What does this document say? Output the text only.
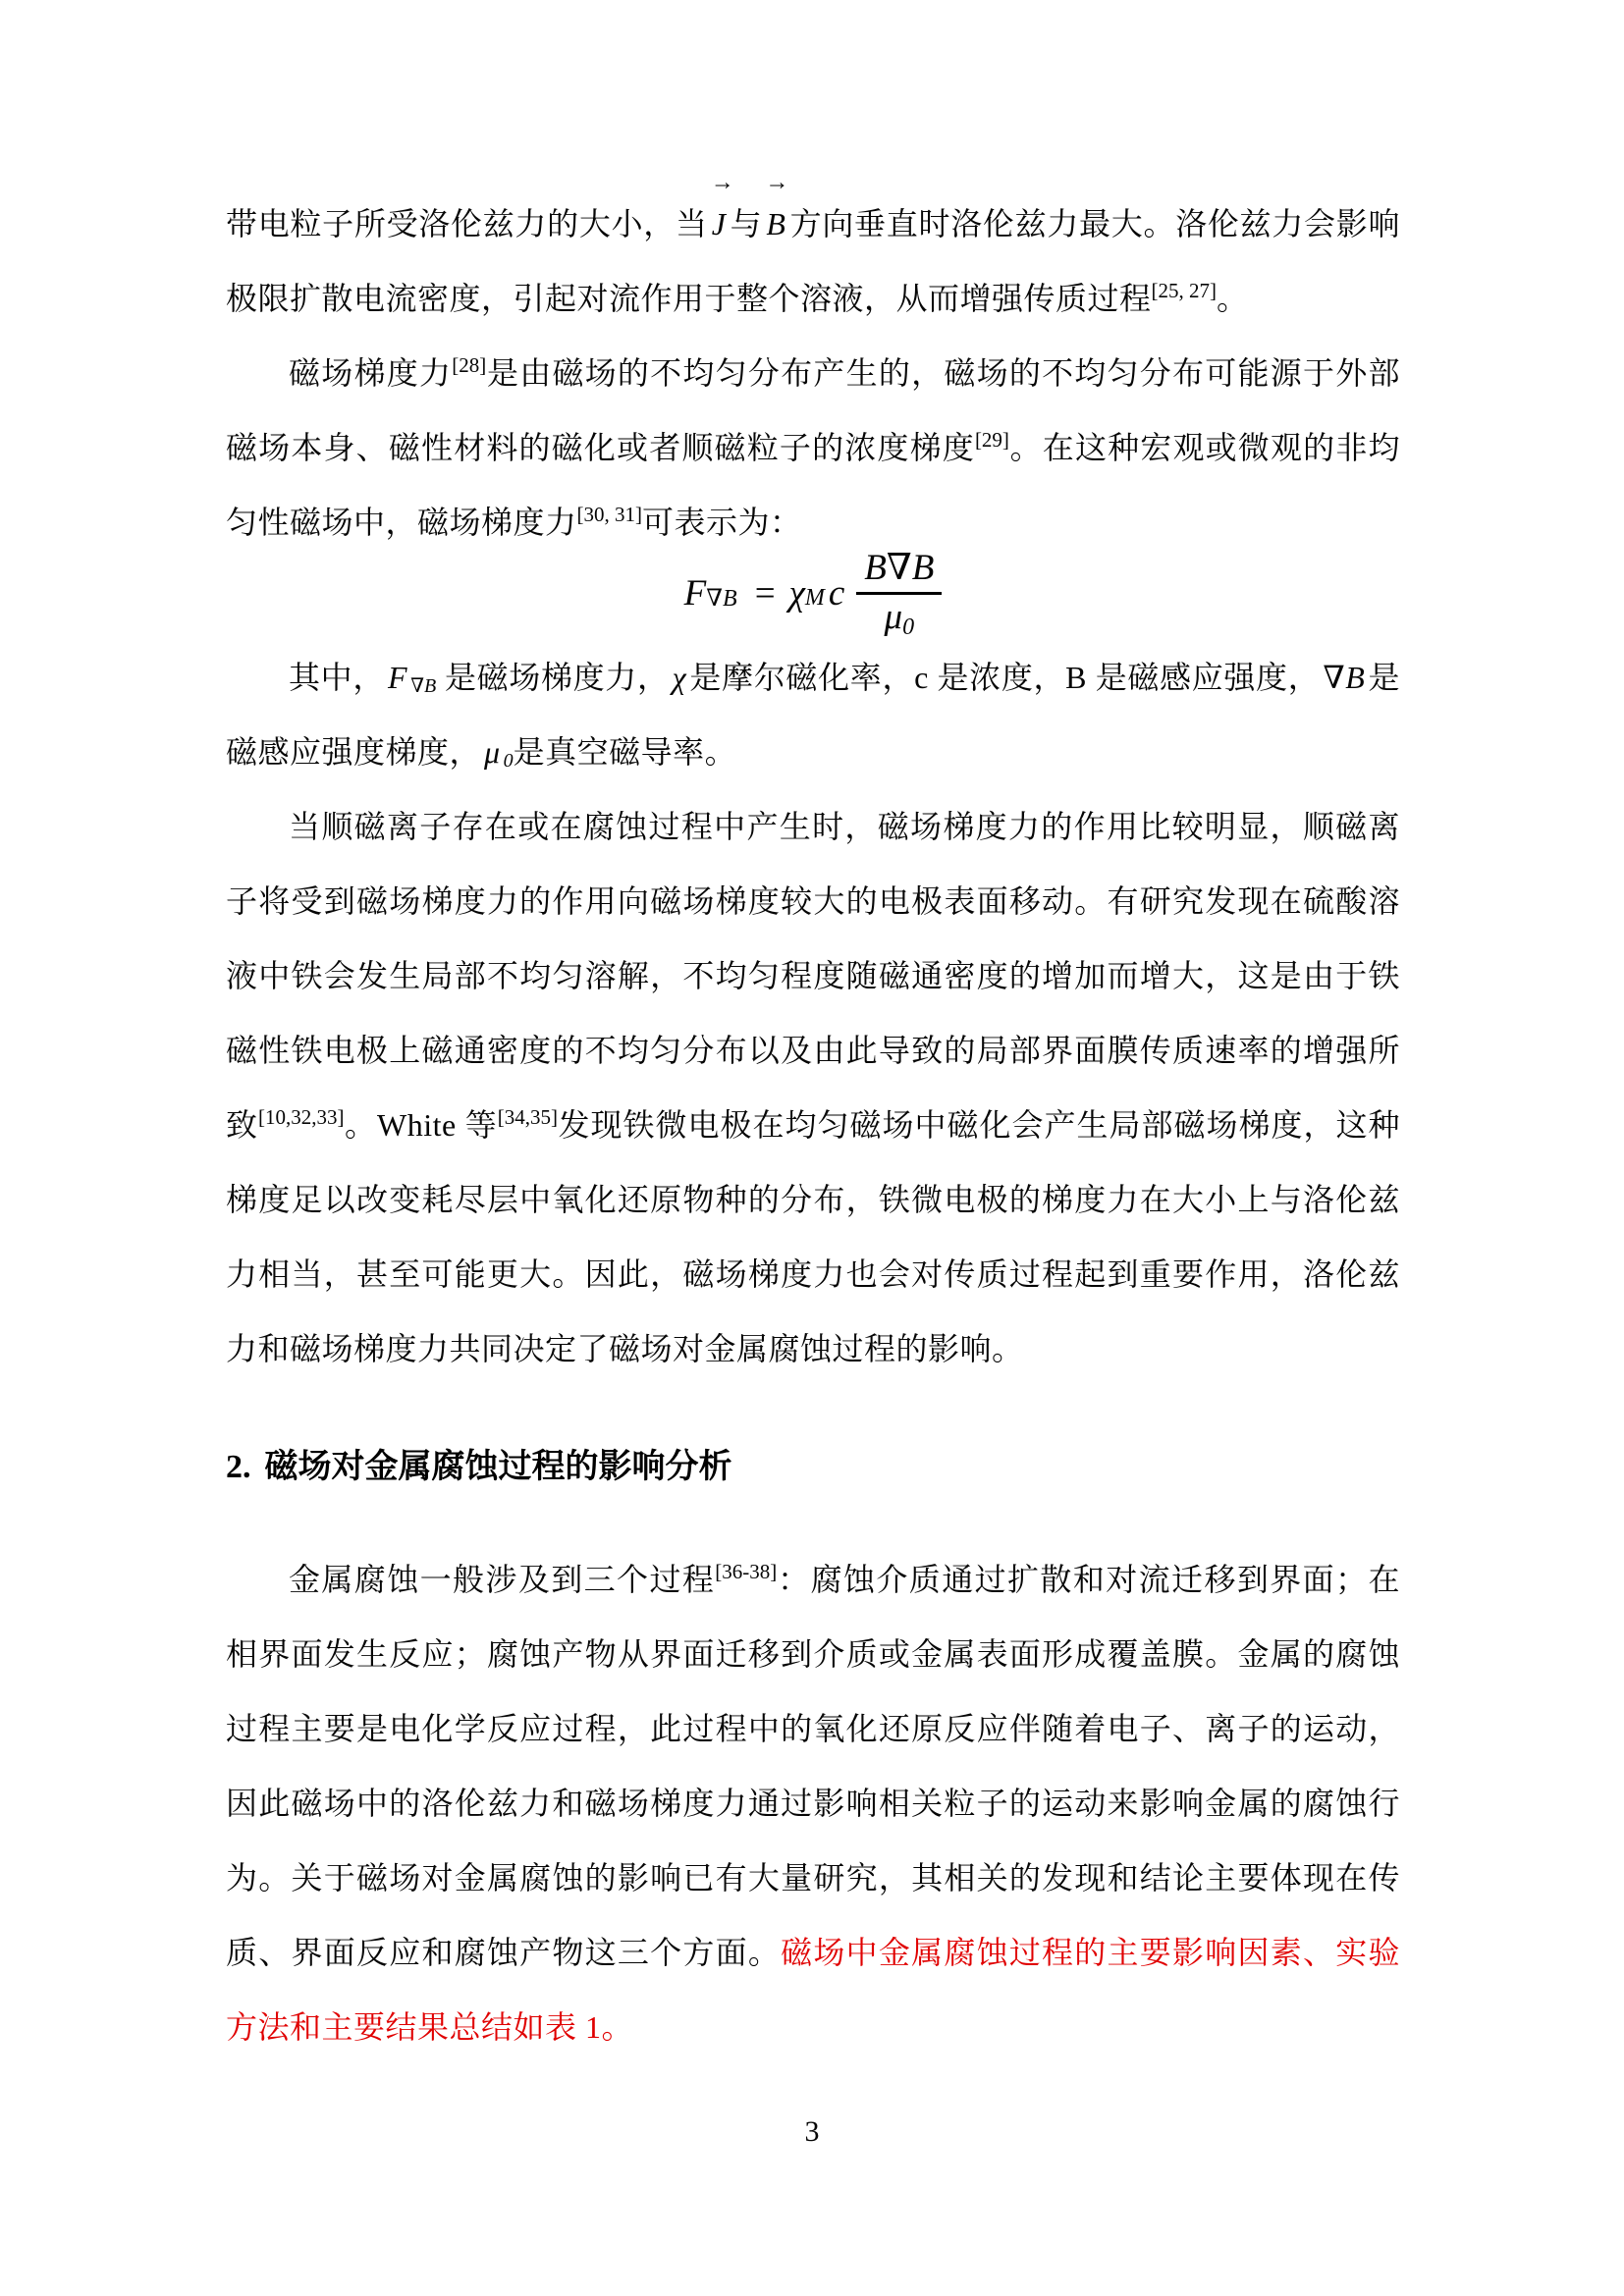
带电粒子所受洛伦兹力的大小，当 J → 与 B → 方向垂直时洛伦兹力最大。洛伦兹力会影响极限扩散电流密度，引起对流作用于整个溶液，从而增强传质过程[25, 27]。

磁场梯度力[28]是由磁场的不均匀分布产生的，磁场的不均匀分布可能源于外部磁场本身、磁性材料的磁化或者顺磁粒子的浓度梯度[29]。在这种宏观或微观的非均匀性磁场中，磁场梯度力[30, 31]可表示为：

F ∇B = χ M c $\frac{B\nabla B}{\mu 0}$

其中，F ∇B 是磁场梯度力，χ是摩尔磁化率，c 是浓度，B 是磁感应强度，∇B是磁感应强度梯度，μ 0是真空磁导率。

当顺磁离子存在或在腐蚀过程中产生时，磁场梯度力的作用比较明显，顺磁离子将受到磁场梯度力的作用向磁场梯度较大的电极表面移动。有研究发现在硫酸溶液中铁会发生局部不均匀溶解，不均匀程度随磁通密度的增加而增大，这是由于铁磁性铁电极上磁通密度的不均匀分布以及由此导致的局部界面膜传质速率的增强所致[10,32,33]。White 等[34,35]发现铁微电极在均匀磁场中磁化会产生局部磁场梯度，这种梯度足以改变耗尽层中氧化还原物种的分布，铁微电极的梯度力在大小上与洛伦兹力相当，甚至可能更大。因此，磁场梯度力也会对传质过程起到重要作用，洛伦兹力和磁场梯度力共同决定了磁场对金属腐蚀过程的影响。

2. 磁场对金属腐蚀过程的影响分析

金属腐蚀一般涉及到三个过程[36-38]：腐蚀介质通过扩散和对流迁移到界面；在相界面发生反应；腐蚀产物从界面迁移到介质或金属表面形成覆盖膜。金属的腐蚀过程主要是电化学反应过程，此过程中的氧化还原反应伴随着电子、离子的运动，因此磁场中的洛伦兹力和磁场梯度力通过影响相关粒子的运动来影响金属的腐蚀行为。关于磁场对金属腐蚀的影响已有大量研究，其相关的发现和结论主要体现在传质、界面反应和腐蚀产物这三个方面。磁场中金属腐蚀过程的主要影响因素、实验方法和主要结果总结如表 1。

3
